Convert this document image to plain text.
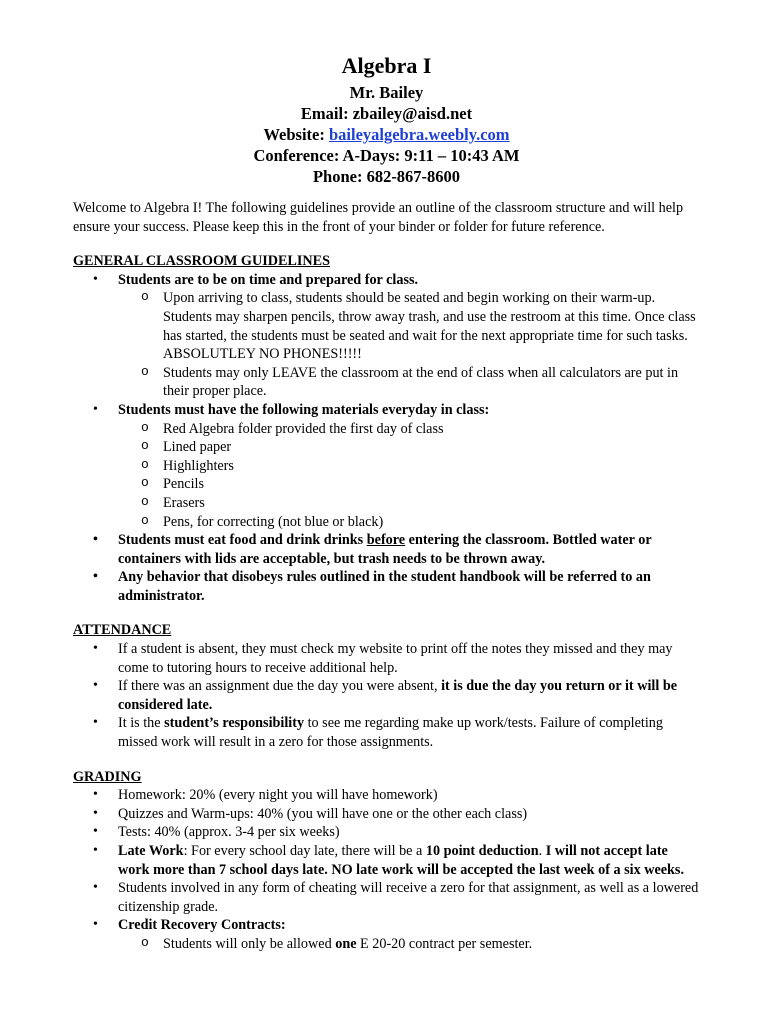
Algebra I
Mr. Bailey
Email: zbailey@aisd.net
Website: baileyalgebra.weebly.com
Conference: A-Days: 9:11 – 10:43 AM
Phone: 682-867-8600

Welcome to Algebra I! The following guidelines provide an outline of the classroom structure and will help ensure your success. Please keep this in the front of your binder or folder for future reference.

GENERAL CLASSROOM GUIDELINES
• Students are to be on time and prepared for class.
o Upon arriving to class, students should be seated and begin working on their warm-up. Students may sharpen pencils, throw away trash, and use the restroom at this time. Once class has started, the students must be seated and wait for the next appropriate time for such tasks. ABSOLUTLEY NO PHONES!!!!!
o Students may only LEAVE the classroom at the end of class when all calculators are put in their proper place.
• Students must have the following materials everyday in class:
o Red Algebra folder provided the first day of class
o Lined paper
o Highlighters
o Pencils
o Erasers
o Pens, for correcting (not blue or black)
• Students must eat food and drink drinks before entering the classroom. Bottled water or containers with lids are acceptable, but trash needs to be thrown away.
• Any behavior that disobeys rules outlined in the student handbook will be referred to an administrator.
ATTENDANCE
• If a student is absent, they must check my website to print off the notes they missed and they may come to tutoring hours to receive additional help.
• If there was an assignment due the day you were absent, it is due the day you return or it will be considered late.
• It is the student’s responsibility to see me regarding make up work/tests. Failure of completing missed work will result in a zero for those assignments.
GRADING
• Homework: 20% (every night you will have homework)
• Quizzes and Warm-ups: 40% (you will have one or the other each class)
• Tests: 40% (approx. 3-4 per six weeks)
• Late Work: For every school day late, there will be a 10 point deduction. I will not accept late work more than 7 school days late. NO late work will be accepted the last week of a six weeks.
• Students involved in any form of cheating will receive a zero for that assignment, as well as a lowered citizenship grade.
• Credit Recovery Contracts:
o Students will only be allowed one E 20-20 contract per semester.
